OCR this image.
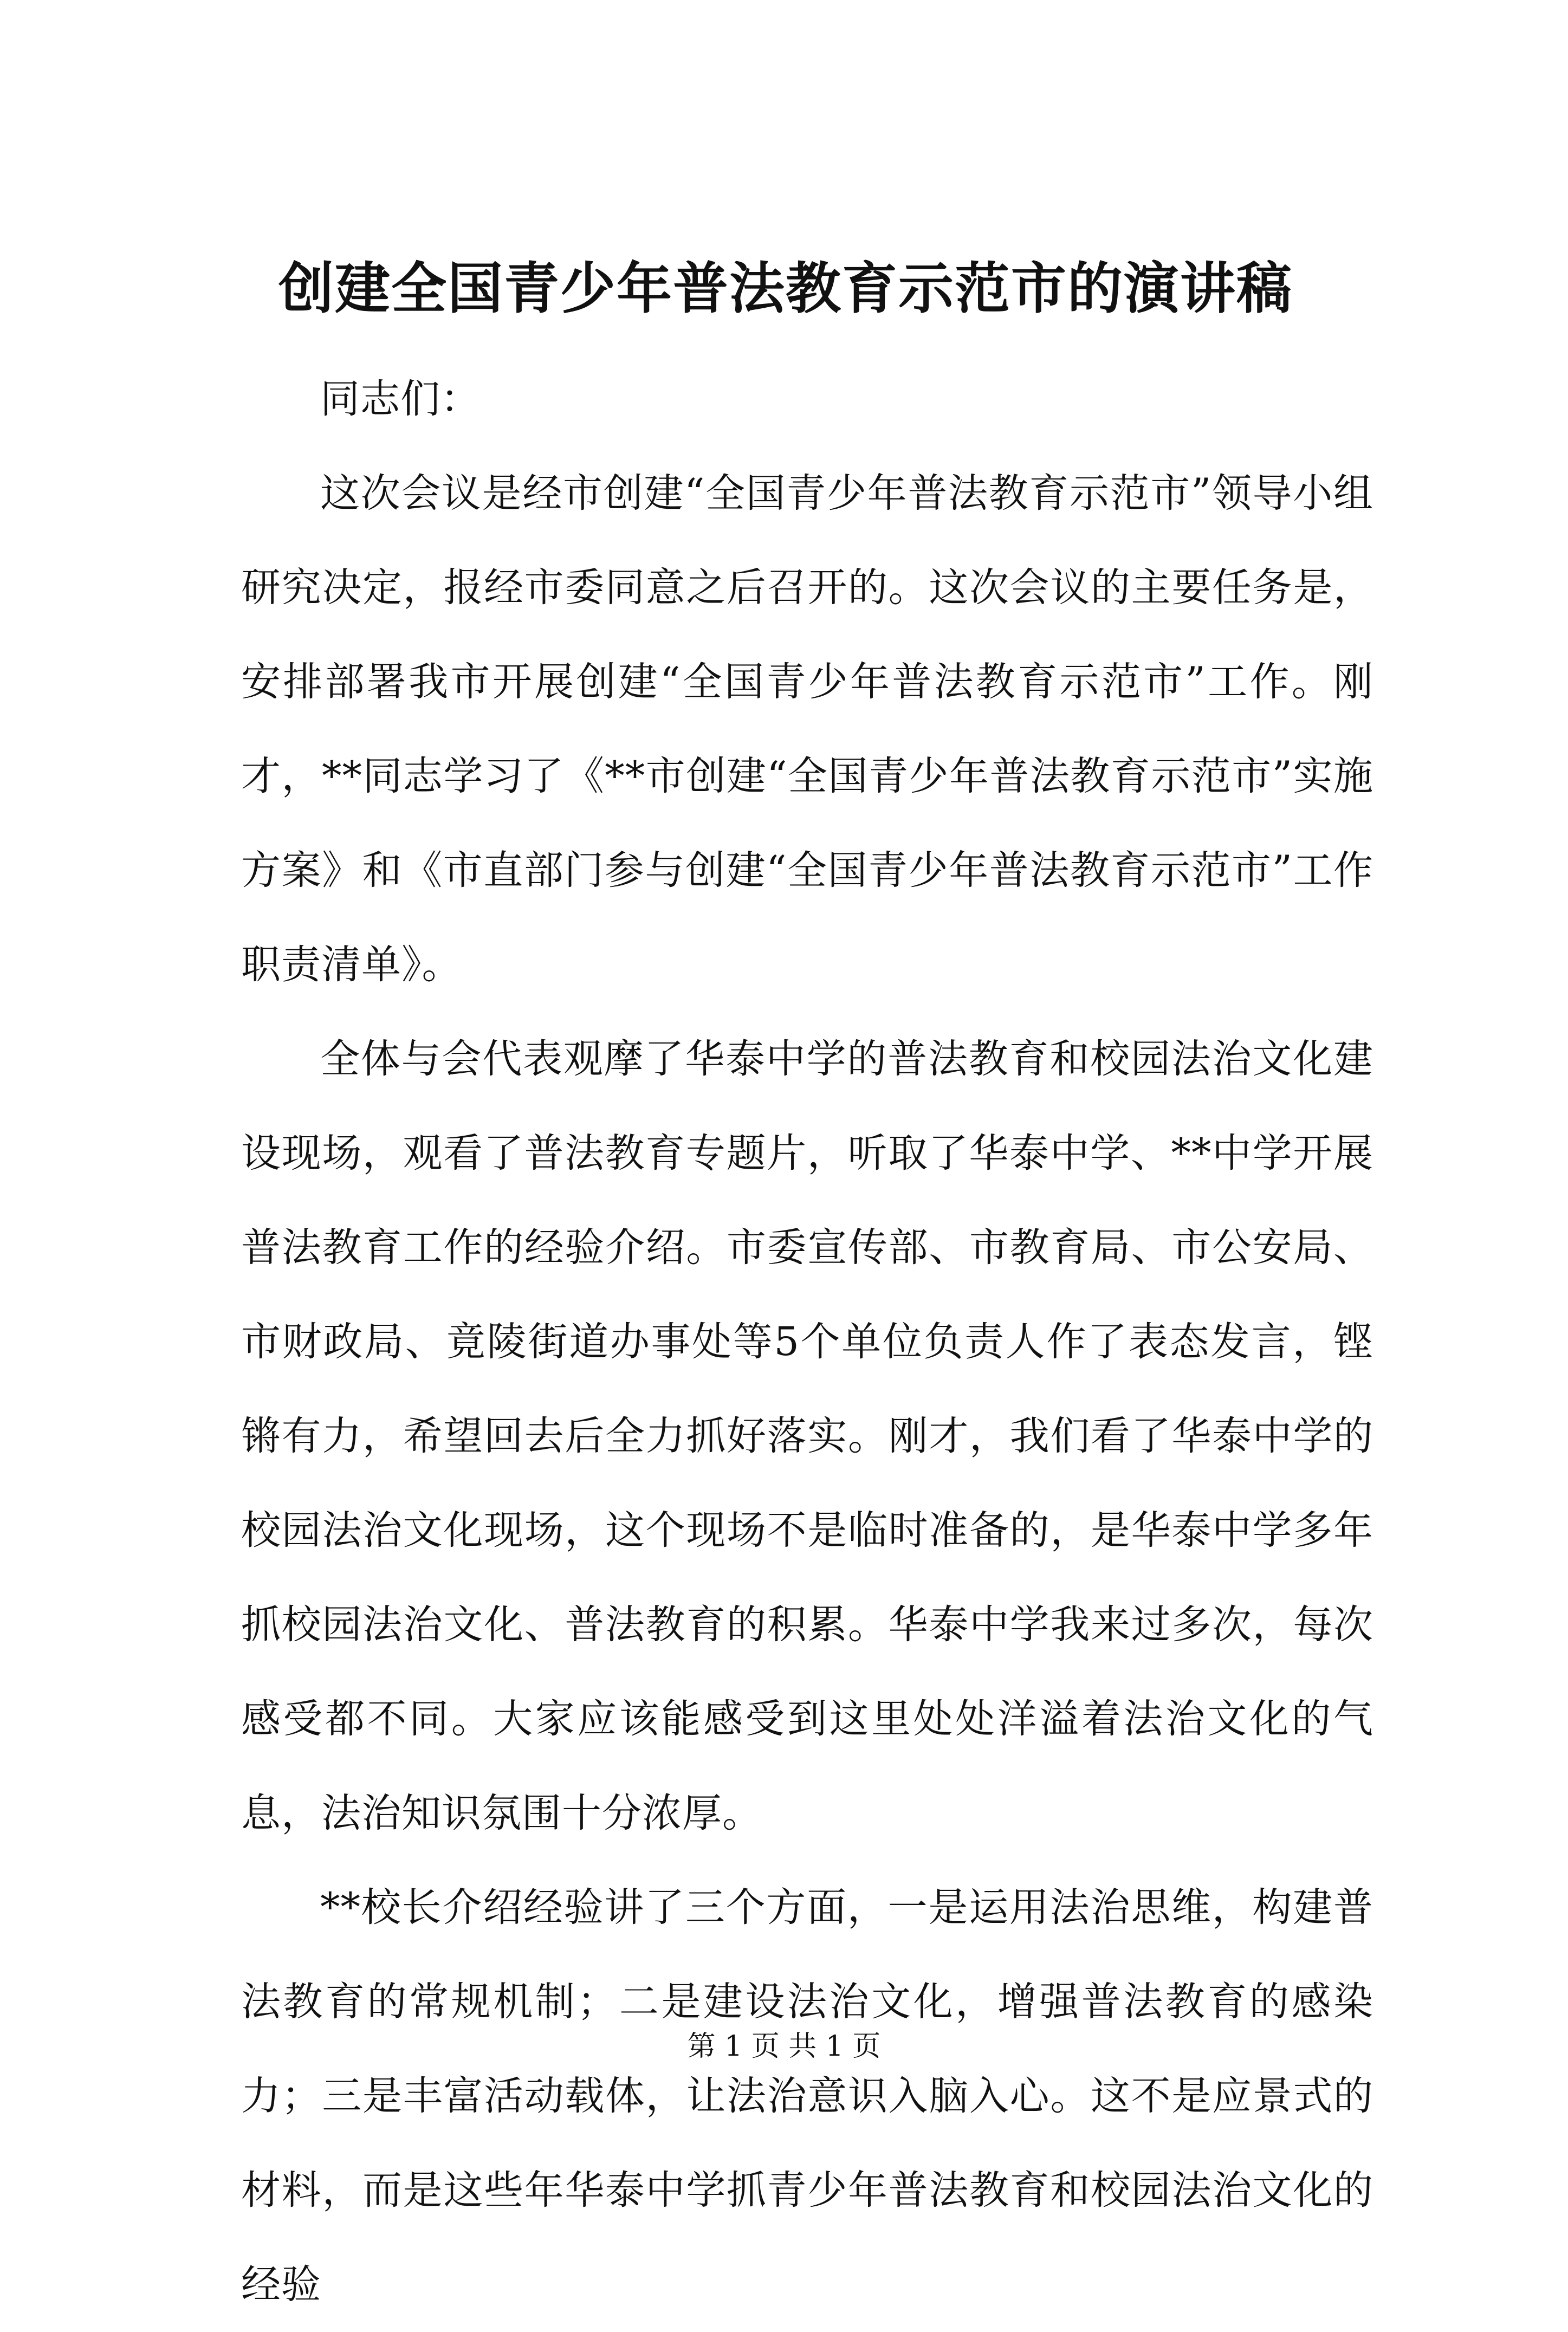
创建全国青少年普法教育示范市的演讲稿

同志们：

这次会议是经市创建“全国青少年普法教育示范市”领导小组研究决定，报经市委同意之后召开的。这次会议的主要任务是，安排部署我市开展创建“全国青少年普法教育示范市”工作。刚才，**同志学习了《**市创建“全国青少年普法教育示范市”实施方案》和《市直部门参与创建“全国青少年普法教育示范市”工作职责清单》。

全体与会代表观摩了华泰中学的普法教育和校园法治文化建设现场，观看了普法教育专题片，听取了华泰中学、**中学开展普法教育工作的经验介绍。市委宣传部、市教育局、市公安局、市财政局、竟陵街道办事处等5个单位负责人作了表态发言，铿锵有力，希望回去后全力抓好落实。刚才，我们看了华泰中学的校园法治文化现场，这个现场不是临时准备的，是华泰中学多年抓校园法治文化、普法教育的积累。华泰中学我来过多次，每次感受都不同。大家应该能感受到这里处处洋溢着法治文化的气息，法治知识氛围十分浓厚。

**校长介绍经验讲了三个方面，一是运用法治思维，构建普法教育的常规机制；二是建设法治文化，增强普法教育的感染力；三是丰富活动载体，让法治意识入脑入心。这不是应景式的材料，而是这些年华泰中学抓青少年普法教育和校园法治文化的经验

第 1 页 共 1 页
